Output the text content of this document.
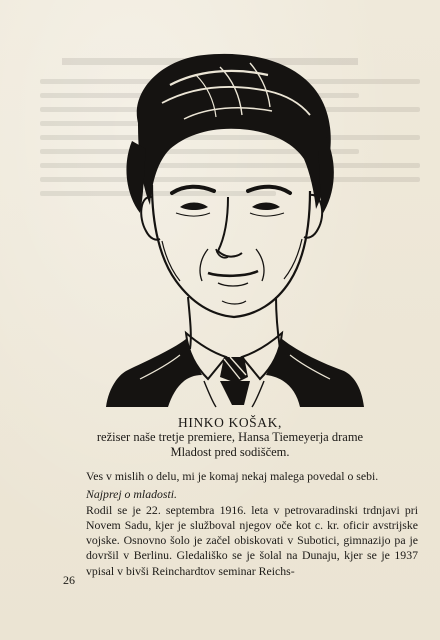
HINKO KOŠAK,
režiser naše tretje premiere, Hansa Tiemeyerja drame
Mladost pred sodiščem.

Ves v mislih o delu, mi je komaj nekaj malega povedal o sebi.

Najprej o mladosti.

Rodil se je 22. septembra 1916. leta v petrovaradinski trdnjavi pri Novem Sadu, kjer je služboval njegov oče kot c. kr. oficir avstrijske vojske. Osnovno šolo je začel obiskovati v Subotici, gimnazijo pa je dovršil v Berlinu. Gledališko se je šolal na Dunaju, kjer se je 1937 vpisal v bivši Reinchardtov seminar Reichs-

26
